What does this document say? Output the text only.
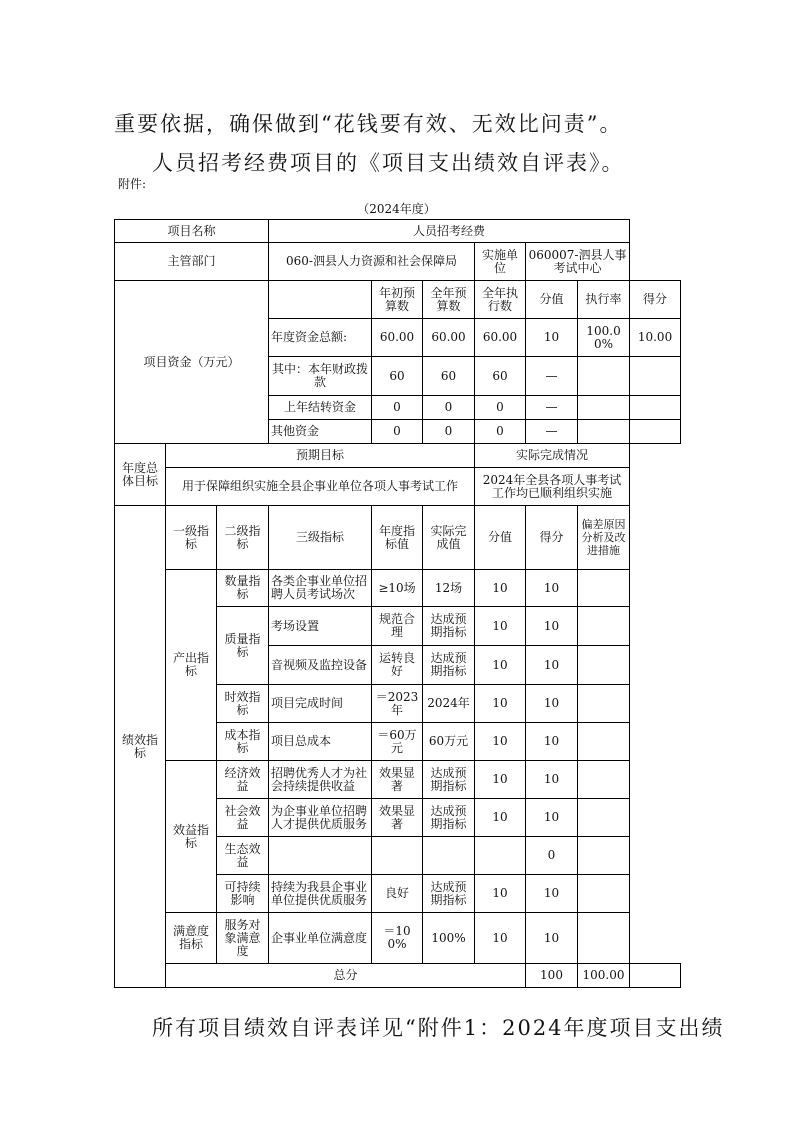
重要依据，确保做到“花钱要有效、无效比问责”。
人员招考经费项目的《项目支出绩效自评表》。
附件:
（2024年度）
项目名称			人员招考经费						
主管部门			060-泗县人力资源和社会保障局			实施单位	060007-泗县人事考试中心		
项目资金（万元）				年初预算数	全年预算数	全年执行数	分值	执行率	得分
			年度资金总额:	60.00	60.00	60.00	10	100.00%	10.00
			其中：本年财政拨款	60	60	60	—		
			上年结转资金	0	0	0	—		
			其他资金	0	0	0	—		
年度总体目标	预期目标					实际完成情况			
	用于保障组织实施全县企事业单位各项人事考试工作					2024年全县各项人事考试工作均已顺利组织实施			
绩效指标	一级指标	二级指标	三级指标	年度指标值	实际完成值	分值	得分	偏差原因分析及改进措施	
	产出指标	数量指标	各类企事业单位招聘人员考试场次	≥10场	12场	10	10		
		质量指标	考场设置	规范合理	达成预期指标	10	10		
			音视频及监控设备	运转良好	达成预期指标	10	10		
		时效指标	项目完成时间	＝2023年	2024年	10	10		
		成本指标	项目总成本	＝60万元	60万元	10	10		
	效益指标	经济效益	招聘优秀人才为社会持续提供收益	效果显著	达成预期指标	10	10		
		社会效益	为企事业单位招聘人才提供优质服务	效果显著	达成预期指标	10	10		
		生态效益					0		
		可持续影响	持续为我县企事业单位提供优质服务	良好	达成预期指标	10	10		
	满意度指标	服务对象满意度	企事业单位满意度	＝100%	100%	10	10		
	总分						100	100.00	
所有项目绩效自评表详见“附件1：2024年度项目支出绩
